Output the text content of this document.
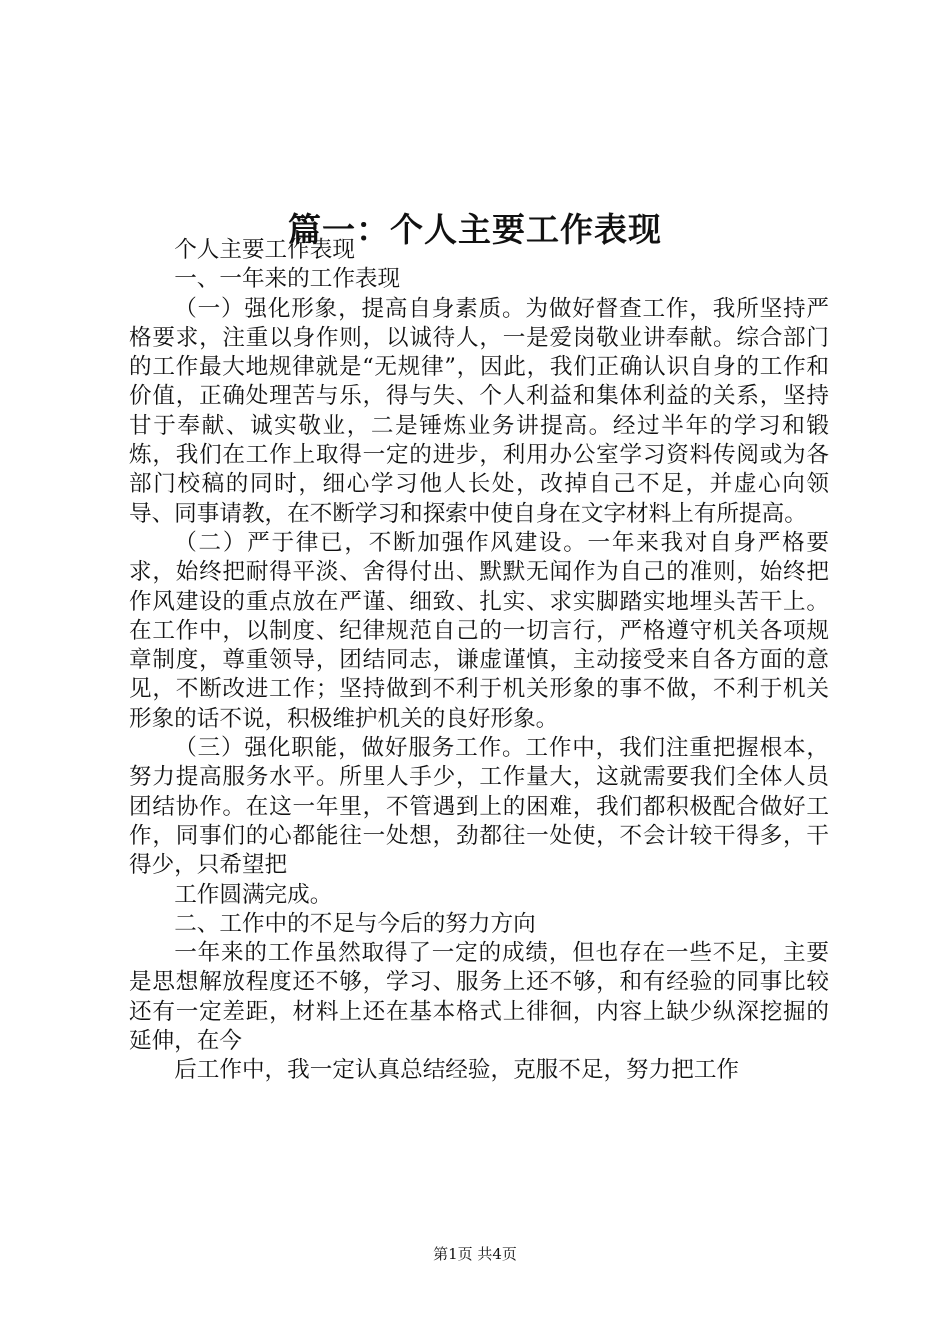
篇一：个人主要工作表现

个人主要工作表现

一、一年来的工作表现

（一）强化形象，提高自身素质。为做好督查工作，我所坚持严格要求，注重以身作则，以诚待人，一是爱岗敬业讲奉献。综合部门的工作最大地规律就是“无规律”，因此，我们正确认识自身的工作和价值，正确处理苦与乐，得与失、个人利益和集体利益的关系，坚持甘于奉献、诚实敬业，二是锤炼业务讲提高。经过半年的学习和锻炼，我们在工作上取得一定的进步，利用办公室学习资料传阅或为各部门校稿的同时，细心学习他人长处，改掉自己不足，并虚心向领导、同事请教，在不断学习和探索中使自身在文字材料上有所提高。

（二）严于律已，不断加强作风建设。一年来我对自身严格要求，始终把耐得平淡、舍得付出、默默无闻作为自己的准则，始终把作风建设的重点放在严谨、细致、扎实、求实脚踏实地埋头苦干上。在工作中，以制度、纪律规范自己的一切言行，严格遵守机关各项规章制度，尊重领导，团结同志，谦虚谨慎，主动接受来自各方面的意见，不断改进工作；坚持做到不利于机关形象的事不做，不利于机关形象的话不说，积极维护机关的良好形象。

（三）强化职能，做好服务工作。工作中，我们注重把握根本，努力提高服务水平。所里人手少，工作量大，这就需要我们全体人员团结协作。在这一年里，不管遇到上的困难，我们都积极配合做好工作，同事们的心都能往一处想，劲都往一处使，不会计较干得多，干得少，只希望把

工作圆满完成。

二、工作中的不足与今后的努力方向

一年来的工作虽然取得了一定的成绩，但也存在一些不足，主要是思想解放程度还不够，学习、服务上还不够，和有经验的同事比较还有一定差距，材料上还在基本格式上徘徊，内容上缺少纵深挖掘的延伸，在今

后工作中，我一定认真总结经验，克服不足，努力把工作

第1页 共4页
